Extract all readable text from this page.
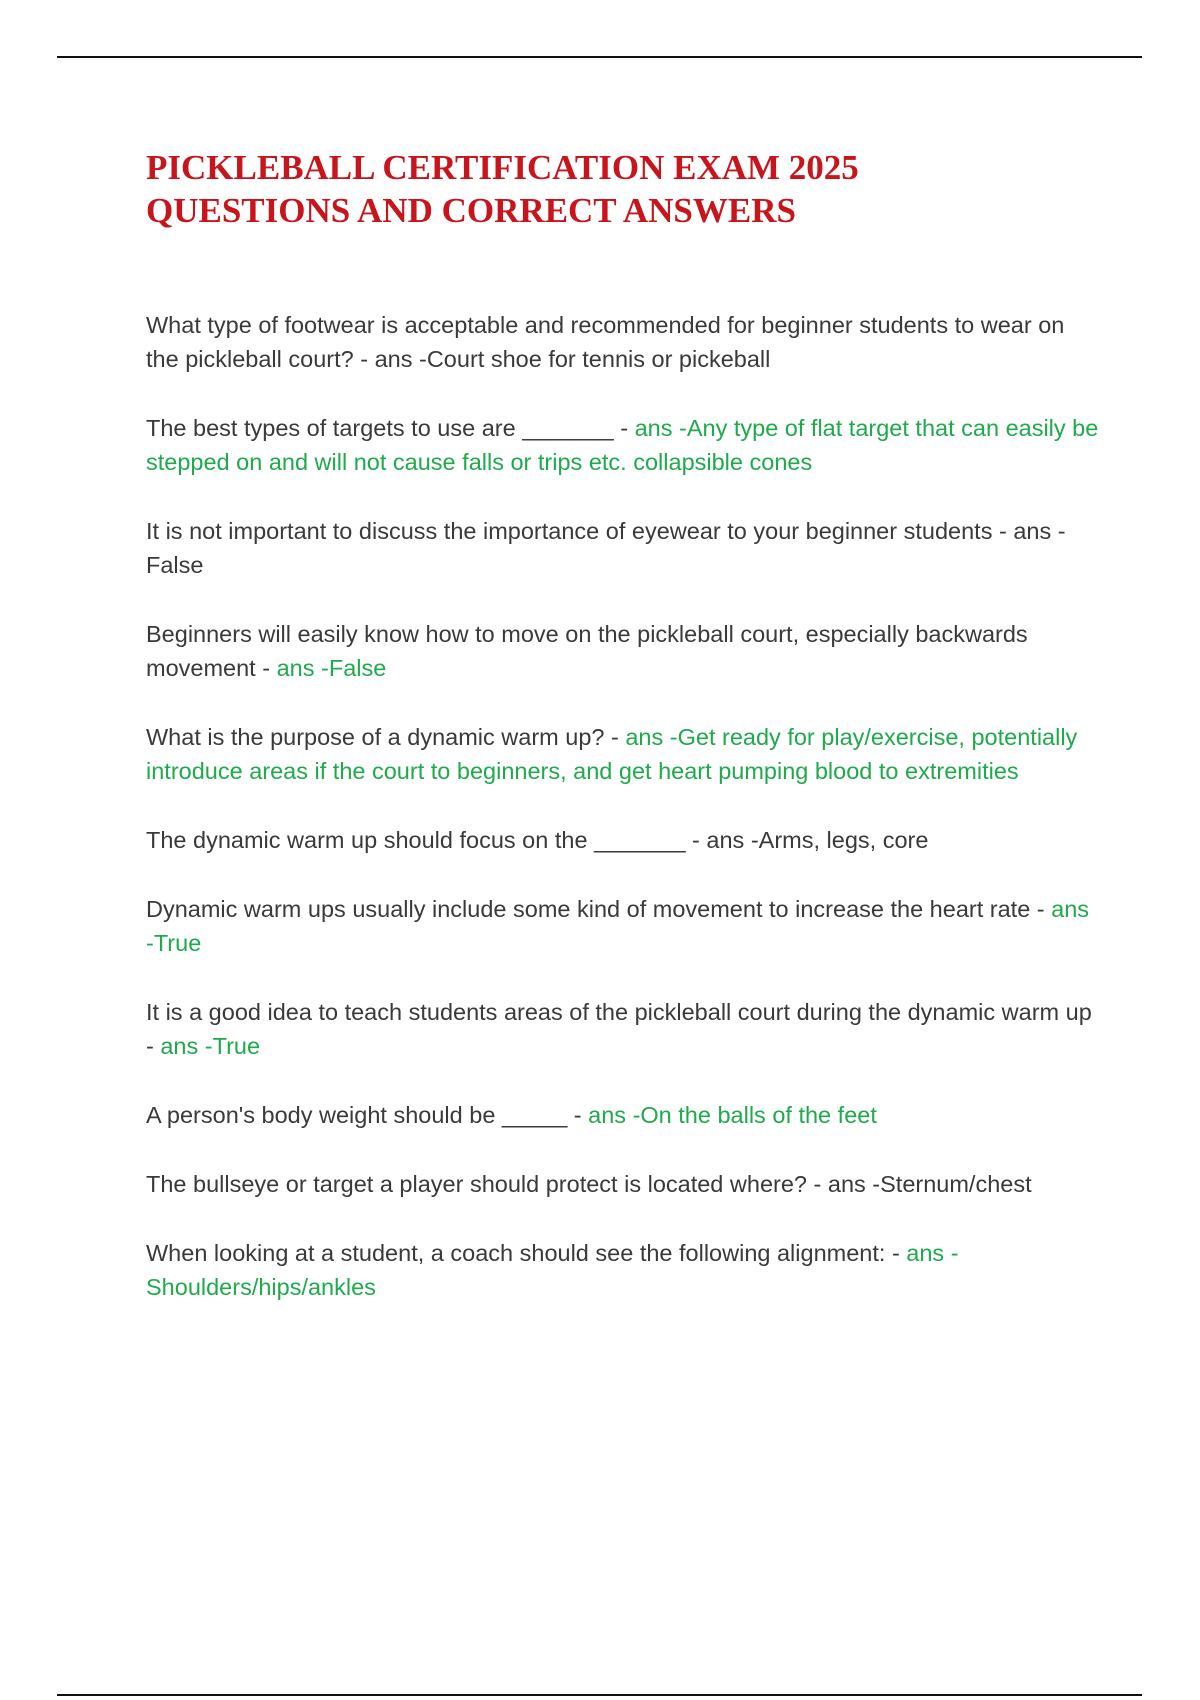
PICKLEBALL CERTIFICATION EXAM 2025
QUESTIONS AND CORRECT ANSWERS

What type of footwear is acceptable and recommended for beginner students to wear on the pickleball court? - ans -Court shoe for tennis or pickeball

The best types of targets to use are _______ - ans -Any type of flat target that can easily be stepped on and will not cause falls or trips etc. collapsible cones

It is not important to discuss the importance of eyewear to your beginner students - ans -False

Beginners will easily know how to move on the pickleball court, especially backwards movement - ans -False

What is the purpose of a dynamic warm up? - ans -Get ready for play/exercise, potentially introduce areas if the court to beginners, and get heart pumping blood to extremities

The dynamic warm up should focus on the _______ - ans -Arms, legs, core

Dynamic warm ups usually include some kind of movement to increase the heart rate - ans -True

It is a good idea to teach students areas of the pickleball court during the dynamic warm up - ans -True

A person's body weight should be _____ - ans -On the balls of the feet

The bullseye or target a player should protect is located where? - ans -Sternum/chest

When looking at a student, a coach should see the following alignment: - ans -Shoulders/hips/ankles
